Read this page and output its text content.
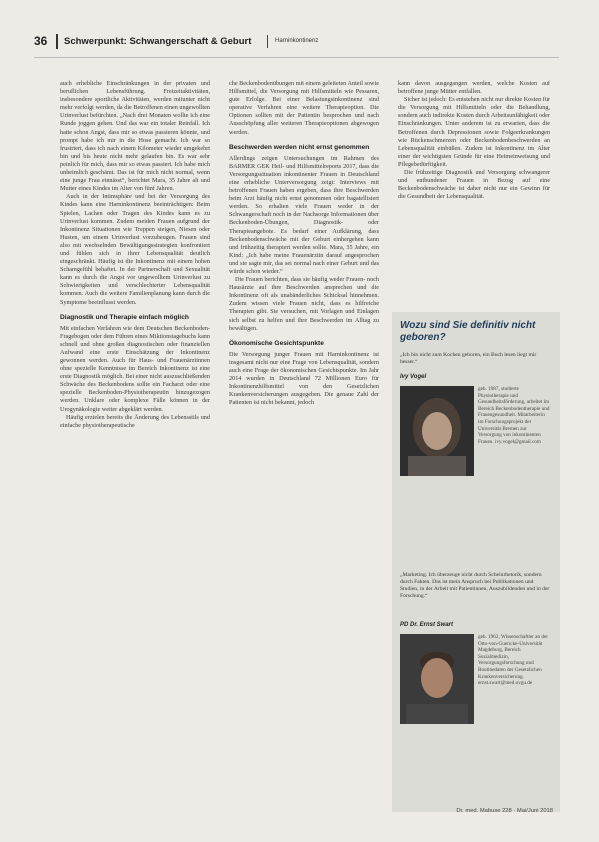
36 Schwerpunkt: Schwangerschaft & Geburt	Harninkontinenz

auch erhebliche Einschränkungen in der privaten und beruflichen Lebensführung. Freizeitaktivitäten, insbesondere sportliche Aktivitäten, werden mitunter nicht mehr verfolgt werden, da die Betroffenen einen ungewollten Urinverlust befürchten. „Nach drei Monaten wollte ich eine Runde joggen gehen. Und das war ein totaler Reinfall. Ich hatte schon Angst, dass mir so etwas passieren könnte, und prompt habe ich mir in die Hose gemacht. Ich war so frustriert, dass ich nach einem Kilometer wieder umgekehrt bin und bis heute nicht mehr gelaufen bin. Es war sehr peinlich für mich, dass mir so etwas passiert. Ich habe mich unheimlich geschämt. Das ist für mich nicht normal, wenn eine junge Frau einnässt“, berichtet Mara, 35 Jahre alt und Mutter eines Kindes im Alter von fünf Jahren.

Auch in der Intimsphäre und bei der Versorgung des Kindes kann eine Harninkontinenz beeinträchtigen: Beim Spielen, Lachen oder Tragen des Kindes kann es zu Urinverlust kommen. Zudem meiden Frauen aufgrund der Inkontinenz Situationen wie Treppen steigen, Niesen oder Husten, um einem Urinverlust vorzubeugen. Frauen sind also mit wechselnden Bewältigungsstrategien konfrontiert und fühlen sich in ihrer Lebensqualität deutlich eingeschränkt. Häufig ist die Inkontinenz mit einem hohen Schamgefühl behaftet. In der Partnerschaft und Sexualität kann es durch die Angst vor ungewolltem Urinverlust zu Schwierigkeiten und verschlechterter Lebensqualität kommen. Auch die weitere Familienplanung kann durch die Symptome beeinflusst werden.

Diagnostik und Therapie einfach möglich

Mit einfachen Verfahren wie dem Deutschen Beckenboden-Fragebogen oder dem Führen eines Miktionstagebuchs kann schnell und ohne großen diagnostischen oder finanziellen Aufwand eine erste Einschätzung der Inkontinenz gewonnen werden. Auch für Haus- und Frauenärztinnen ohne spezielle Kenntnisse im Bereich Inkontinenz ist eine erste Diagnostik möglich. Bei einer nicht auszuschließenden Schwäche des Beckenbodens sollte ein Facharzt oder eine spezielle Beckenboden-Physiotherapeutin hinzugezogen werden. Unklare oder komplexe Fälle können in der Urogynäkologie weiter abgeklärt werden.

Häufig erzielen bereits die Änderung des Lebensstils und einfache physiotherapeutische

che Beckenbodenübungen mit einem geleiteten Anteil sowie Hilfsmittel, die Versorgung mit Hilfsmitteln wie Pessaren, gute Erfolge. Bei einer Belastungsinkontinenz sind operative Verfahren eine weitere Therapieoption. Die Optionen sollten mit der Patientin besprochen und nach Ausschöpfung aller weiteren Therapieoptionen abgewogen werden.

Beschwerden werden nicht ernst genommen

Allerdings zeigen Untersuchungen im Rahmen des BARMER GEK Heil- und Hilfsmittelreports 2017, dass die Versorgungssituation inkontinenter Frauen in Deutschland eine erhebliche Unterversorgung zeigt: Interviews mit betroffenen Frauen haben ergeben, dass ihre Beschwerden beim Arzt häufig nicht ernst genommen oder bagatellisiert werden. So erhalten viele Frauen weder in der Schwangerschaft noch in der Nachsorge Informationen über Beckenboden-Übungen, Diagnostik- oder Therapieangebote. Es bedarf einer Aufklärung, dass Beckenbodenschwäche mit der Geburt einhergehen kann und frühzeitig therapiert werden sollte. Mara, 35 Jahre, ein Kind: „Ich habe meine Frauenärztin darauf angesprochen und sie sagte mir, das sei normal nach einer Geburt und das würde schon wieder.“

Die Frauen berichten, dass sie häufig weder Frauen- noch Hausärzte auf ihre Beschwerden ansprechen und die Inkontinenz oft als unabänderliches Schicksal hinnehmen. Zudem wissen viele Frauen nicht, dass es hilfreiche Therapien gibt. Sie versuchen, mit Vorlagen und Einlagen sich selbst zu helfen und ihre Beschwerden im Alltag zu bewältigen.

Ökonomische Gesichtspunkte

Die Versorgung junger Frauen mit Harninkontinenz ist insgesamt nicht nur eine Frage von Lebensqualität, sondern auch eine Frage der ökonomischen Gesichtspunkte. Im Jahr 2014 wurden in Deutschland 72 Millionen Euro für Inkontinenzhilfsmittel von den Gesetzlichen Krankenversicherungen ausgegeben. Die genaue Zahl der Patienten ist nicht bekannt, jedoch

kann davon ausgegangen werden, welche Kosten auf betroffene junge Mütter entfallen.

Sicher ist jedoch: Es entstehen nicht nur direkte Kosten für die Versorgung mit Hilfsmitteln oder die Behandlung, sondern auch indirekte Kosten durch Arbeitsunfähigkeit oder Einschränkungen. Unter anderem ist zu erwarten, dass die Betroffenen durch Depressionen sowie Folgeerkrankungen wie Rückenschmerzen oder Beckenbodenbeschwerden an Lebensqualität einbüßen. Zudem ist Inkontinenz im Alter einer der wichtigsten Gründe für eine Heimeinweisung und Pflegebedürftigkeit.

Die frühzeitige Diagnostik und Versorgung schwangerer und entbundener Frauen in Bezug auf eine Beckenbodenschwäche ist daher nicht nur ein Gewinn für die Gesundheit der Lebensqualität.

Wozu sind Sie definitiv nicht geboren?
„Ich bin nicht zum Kochen geboren, ein Buch lesen liegt mir besser.“
Ivy Vogel
geb. 1987, studierte Physiotherapie und Gesundheitsförderung, arbeitet im Bereich Beckenbodentherapie und Frauengesundheit. Mitarbeiterin im Forschungsprojekt der Universität Bremen zur Versorgung von inkontinenten Frauen. ivy.vogel@gmail.com
„Marketing. Ich überzeuge nicht durch Scheinrhetorik, sondern durch Fakten. Das ist mein Anspruch bei Publikationen und Studien, in der Arbeit mit Patientinnen, Auszubildenden und in der Forschung.“
PD Dr. Ernst Swart
geb. 1962, Wissenschaftler an der Otto-von-Guericke-Universität Magdeburg, Bereich Sozialmedizin, Versorgungsforschung und Routinedaten der Gesetzlichen Krankenversicherung. ernst.swart@med.ovgu.de
Dr. med. Mabuse 228 · Mai/Juni 2018
